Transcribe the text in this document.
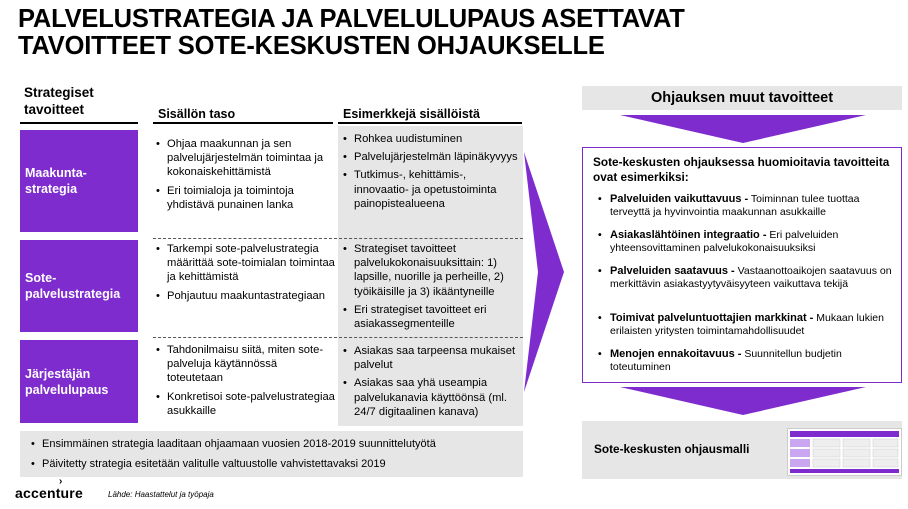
PALVELUSTRATEGIA JA PALVELULUPAUS ASETTAVAT
TAVOITTEET SOTE-KESKUSTEN OHJAUKSELLE
Strategiset tavoitteet	Sisällön taso	Esimerkkejä sisällöistä
Maakunta-strategia
• Ohjaa maakunnan ja sen palvelujärjestelmän toimintaa ja kokonaiskehittämistä
• Eri toimialoja ja toimintoja yhdistävä punainen lanka
• Rohkea uudistuminen
• Palvelujärjestelmän läpinäkyvyys
• Tutkimus-, kehittämis-, innovaatio- ja opetustoiminta painopistealueena
Sote-palvelustrategia
• Tarkempi sote-palvelustrategia määrittää sote-toimialan toimintaa ja kehittämistä
• Pohjautuu maakuntastrategiaan
• Strategiset tavoitteet palvelukokonaisuuksittain: 1) lapsille, nuorille ja perheille, 2) työikäisille ja 3) ikääntyneille
• Eri strategiset tavoitteet eri asiakassegmenteille
Järjestäjän palvelulupaus
• Tahdonilmaisu siitä, miten sote-palveluja käytännössä toteutetaan
• Konkretisoi sote-palvelustrategiaa asukkaille
• Asiakas saa tarpeensa mukaiset palvelut
• Asiakas saa yhä useampia palvelukanavia käyttöönsä (ml. 24/7 digitaalinen kanava)
• Ensimmäinen strategia laaditaan ohjaamaan vuosien 2018-2019 suunnittelutyötä
• Päivitetty strategia esitetään valitulle valtuustolle vahvistettavaksi 2019
Ohjauksen muut tavoitteet
Sote-keskusten ohjauksessa huomioitavia tavoitteita ovat esimerkiksi:
• Palveluiden vaikuttavuus - Toiminnan tulee tuottaa terveyttä ja hyvinvointia maakunnan asukkaille
• Asiakaslähtöinen integraatio - Eri palveluiden yhteensovittaminen palvelukokonaisuuksiksi
• Palveluiden saatavuus - Vastaanottoaikojen saatavuus on merkittävin asiakastyytyväisyyteen vaikuttava tekijä
• Toimivat palveluntuottajien markkinat - Mukaan lukien erilaisten yritysten toimintamahdollisuudet
• Menojen ennakoitavuus - Suunnitellun budjetin toteutuminen
Sote-keskusten ohjausmalli
accenture
›
Lähde: Haastattelut ja työpaja
